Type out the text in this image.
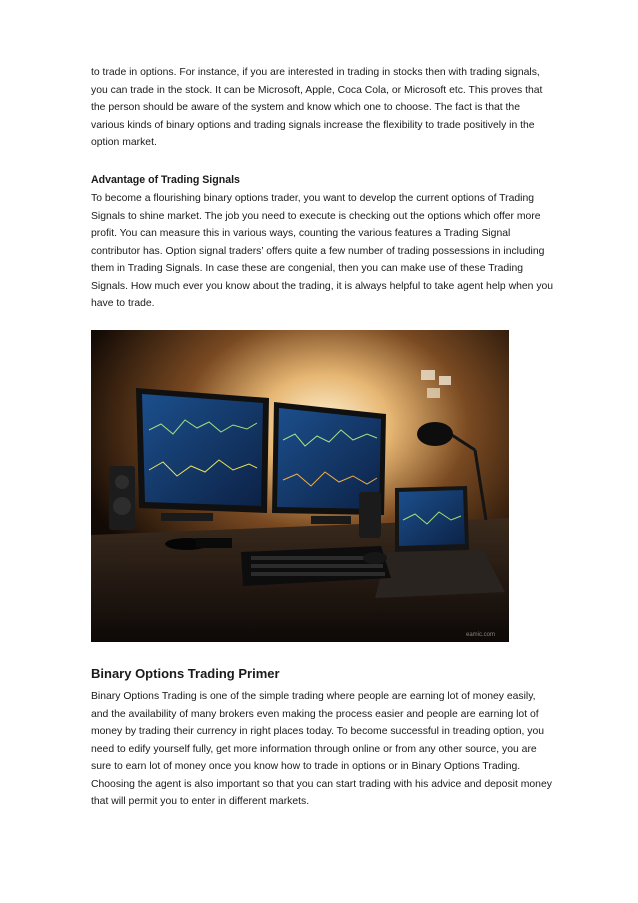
to trade in options. For instance, if you are interested in trading in stocks then with trading signals,
you can trade in the stock. It can be Microsoft, Apple, Coca Cola, or Microsoft etc. This proves that
the person should be aware of the system and know which one to choose. The fact is that the
various kinds of binary options and trading signals increase the flexibility to trade positively in the
option market.

Advantage of Trading Signals

To become a flourishing binary options trader, you want to develop the current options of Trading
Signals to shine market. The job you need to execute is checking out the options which offer more
profit. You can measure this in various ways, counting the various features a Trading Signal
contributor has. Option signal traders’ offers quite a few number of trading possessions in including
them in Trading Signals. In case these are congenial, then you can make use of these Trading
Signals. How much ever you know about the trading, it is always helpful to take agent help when you
have to trade.

eamic.com
Binary Options Trading Primer

Binary Options Trading is one of the simple trading where people are earning lot of money easily,
and the availability of many brokers even making the process easier and people are earning lot of
money by trading their currency in right places today. To become successful in treading option, you
need to edify yourself fully, get more information through online or from any other source, you are
sure to earn lot of money once you know how to trade in options or in Binary Options Trading.
Choosing the agent is also important so that you can start trading with his advice and deposit money
that will permit you to enter in different markets.
